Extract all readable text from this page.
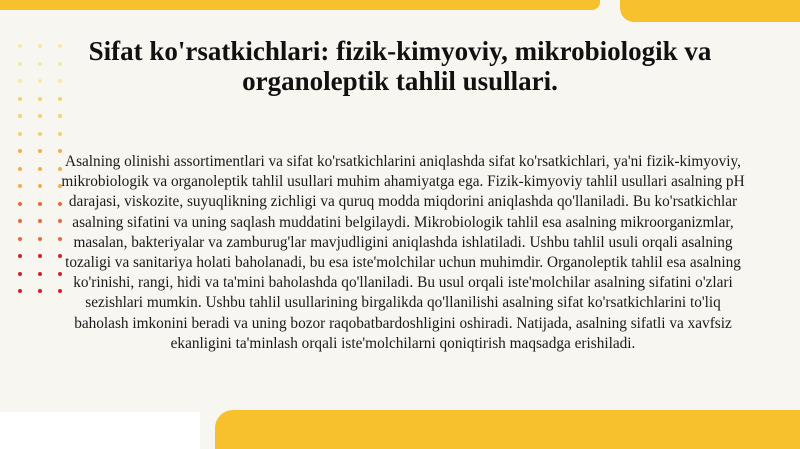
Sifat ko'rsatkichlari: fizik-kimyoviy, mikrobiologik va organoleptik tahlil usullari.

Asalning olinishi assortimentlari va sifat ko'rsatkichlarini aniqlashda sifat ko'rsatkichlari, ya'ni fizik-kimyoviy, mikrobiologik va organoleptik tahlil usullari muhim ahamiyatga ega. Fizik-kimyoviy tahlil usullari asalning pH darajasi, viskozite, suyuqlikning zichligi va quruq modda miqdorini aniqlashda qo'llaniladi. Bu ko'rsatkichlar asalning sifatini va uning saqlash muddatini belgilaydi. Mikrobiologik tahlil esa asalning mikroorganizmlar, masalan, bakteriyalar va zamburug'lar mavjudligini aniqlashda ishlatiladi. Ushbu tahlil usuli orqali asalning tozaligi va sanitariya holati baholanadi, bu esa iste'molchilar uchun muhimdir. Organoleptik tahlil esa asalning ko'rinishi, rangi, hidi va ta'mini baholashda qo'llaniladi. Bu usul orqali iste'molchilar asalning sifatini o'zlari sezishlari mumkin. Ushbu tahlil usullarining birgalikda qo'llanilishi asalning sifat ko'rsatkichlarini to'liq baholash imkonini beradi va uning bozor raqobatbardoshligini oshiradi. Natijada, asalning sifatli va xavfsiz ekanligini ta'minlash orqali iste'molchilarni qoniqtirish maqsadga erishiladi.
